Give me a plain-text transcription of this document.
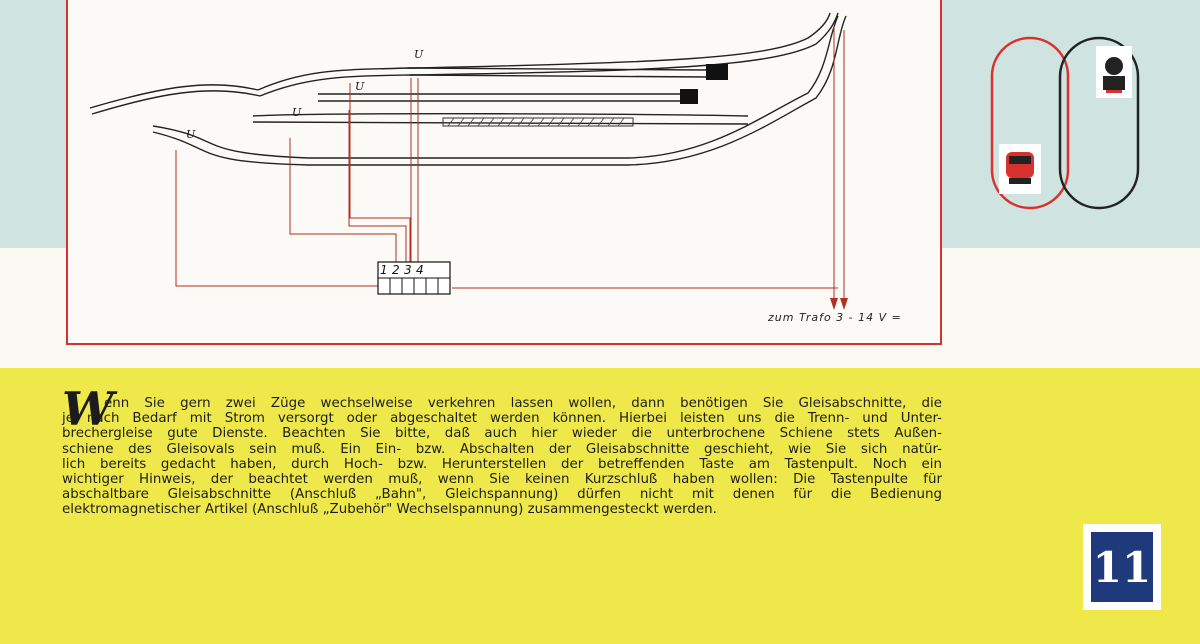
1 2 3 4
U
U
U
U
zum Trafo 3 - 14 V =
W
enn Sie gern zwei Züge wechselweise verkehren lassen wollen, dann benötigen Sie Gleisabschnitte, die
je nach Bedarf mit Strom versorgt oder abgeschaltet werden können. Hierbei leisten uns die Trenn- und Unter-
brechergleise gute Dienste. Beachten Sie bitte, daß auch hier wieder die unterbrochene Schiene stets Außen-
schiene des Gleisovals sein muß. Ein Ein- bzw. Abschalten der Gleisabschnitte geschieht, wie Sie sich natür-
lich bereits gedacht haben, durch Hoch- bzw. Herunterstellen der betreffenden Taste am Tastenpult. Noch ein
wichtiger Hinweis, der beachtet werden muß, wenn Sie keinen Kurzschluß haben wollen: Die Tastenpulte für
abschaltbare Gleisabschnitte (Anschluß „Bahn", Gleichspannung) dürfen nicht mit denen für die Bedienung
elektromagnetischer Artikel (Anschluß „Zubehör" Wechselspannung) zusammengesteckt werden.
11
